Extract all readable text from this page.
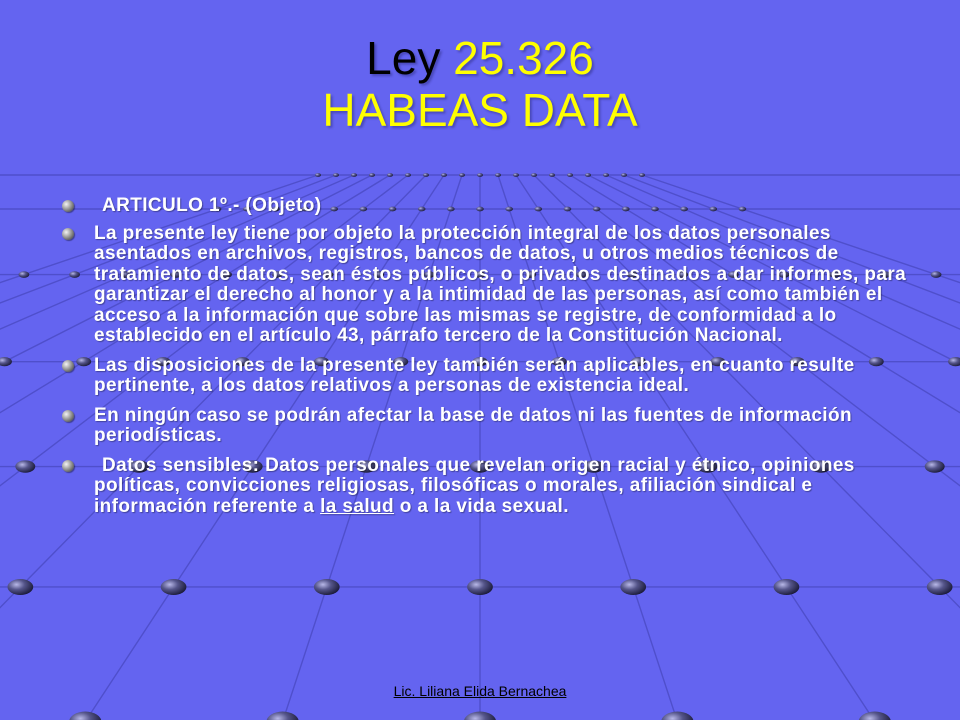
Ley 25.326
HABEAS DATA
ARTICULO 1º.- (Objeto)
La presente ley tiene por objeto la protección integral de los datos personales asentados en archivos, registros, bancos de datos, u otros medios técnicos de tratamiento de datos, sean éstos públicos, o privados destinados a dar informes, para garantizar el derecho al honor y a la intimidad de las personas, así como también el acceso a la información que sobre las mismas se registre, de conformidad a lo establecido en el artículo 43, párrafo tercero de la Constitución Nacional.
Las disposiciones de la presente ley también serán aplicables, en cuanto resulte pertinente, a los datos relativos a personas de existencia ideal.
En ningún caso se podrán afectar la base de datos ni las fuentes de información periodísticas.
Datos sensibles: Datos personales que revelan origen racial y étnico, opiniones políticas, convicciones religiosas, filosóficas o morales, afiliación sindical e información referente a la salud o a la vida sexual.
Lic. Liliana Elida Bernachea
